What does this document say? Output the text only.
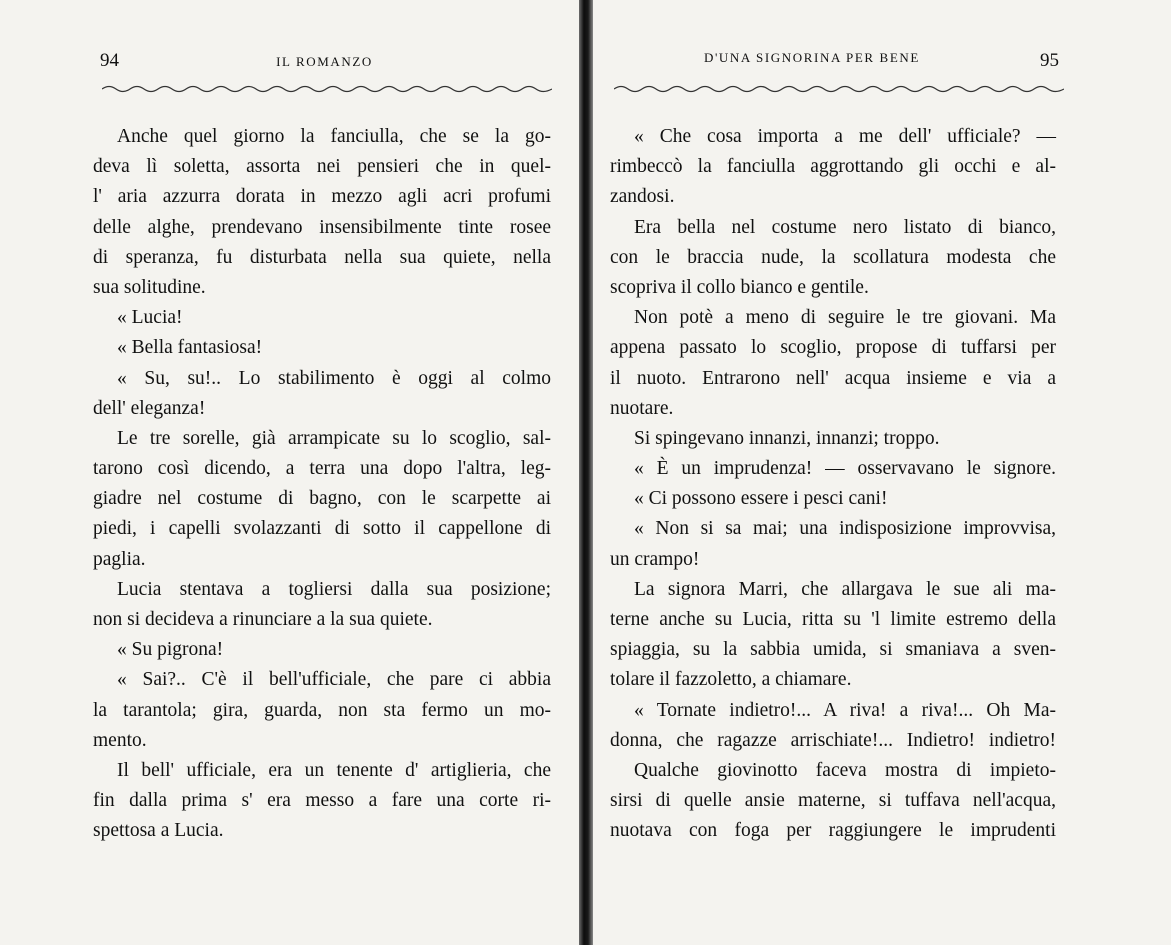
94	IL ROMANZO
Anche quel giorno la fanciulla, che se la go-
deva lì soletta, assorta nei pensieri che in quel-
l' aria azzurra dorata in mezzo agli acri profumi
delle alghe, prendevano insensibilmente tinte rosee
di speranza, fu disturbata nella sua quiete, nella
sua solitudine.
« Lucia!
« Bella fantasiosa!
« Su, su!.. Lo stabilimento è oggi al colmo
dell' eleganza!
Le tre sorelle, già arrampicate su lo scoglio, sal-
tarono così dicendo, a terra una dopo l'altra, leg-
giadre nel costume di bagno, con le scarpette ai
piedi, i capelli svolazzanti di sotto il cappellone di
paglia.
Lucia stentava a togliersi dalla sua posizione;
non si decideva a rinunciare a la sua quiete.
« Su pigrona!
« Sai?.. C'è il bell'ufficiale, che pare ci abbia
la tarantola; gira, guarda, non sta fermo un mo-
mento.
Il bell' ufficiale, era un tenente d' artiglieria, che
fin dalla prima s' era messo a fare una corte ri-
spettosa a Lucia.
D'UNA SIGNORINA PER BENE	95
« Che cosa importa a me dell' ufficiale? —
rimbeccò la fanciulla aggrottando gli occhi e al-
zandosi.
Era bella nel costume nero listato di bianco,
con le braccia nude, la scollatura modesta che
scopriva il collo bianco e gentile.
Non potè a meno di seguire le tre giovani. Ma
appena passato lo scoglio, propose di tuffarsi per
il nuoto. Entrarono nell' acqua insieme e via a
nuotare.
Si spingevano innanzi, innanzi; troppo.
« È un imprudenza! — osservavano le signore.
« Ci possono essere i pesci cani!
« Non si sa mai; una indisposizione improvvisa,
un crampo!
La signora Marri, che allargava le sue ali ma-
terne anche su Lucia, ritta su 'l limite estremo della
spiaggia, su la sabbia umida, si smaniava a sven-
tolare il fazzoletto, a chiamare.
« Tornate indietro!... A riva! a riva!... Oh Ma-
donna, che ragazze arrischiate!... Indietro! indietro!
Qualche giovinotto faceva mostra di impieto-
sirsi di quelle ansie materne, si tuffava nell'acqua,
nuotava con foga per raggiungere le imprudenti
